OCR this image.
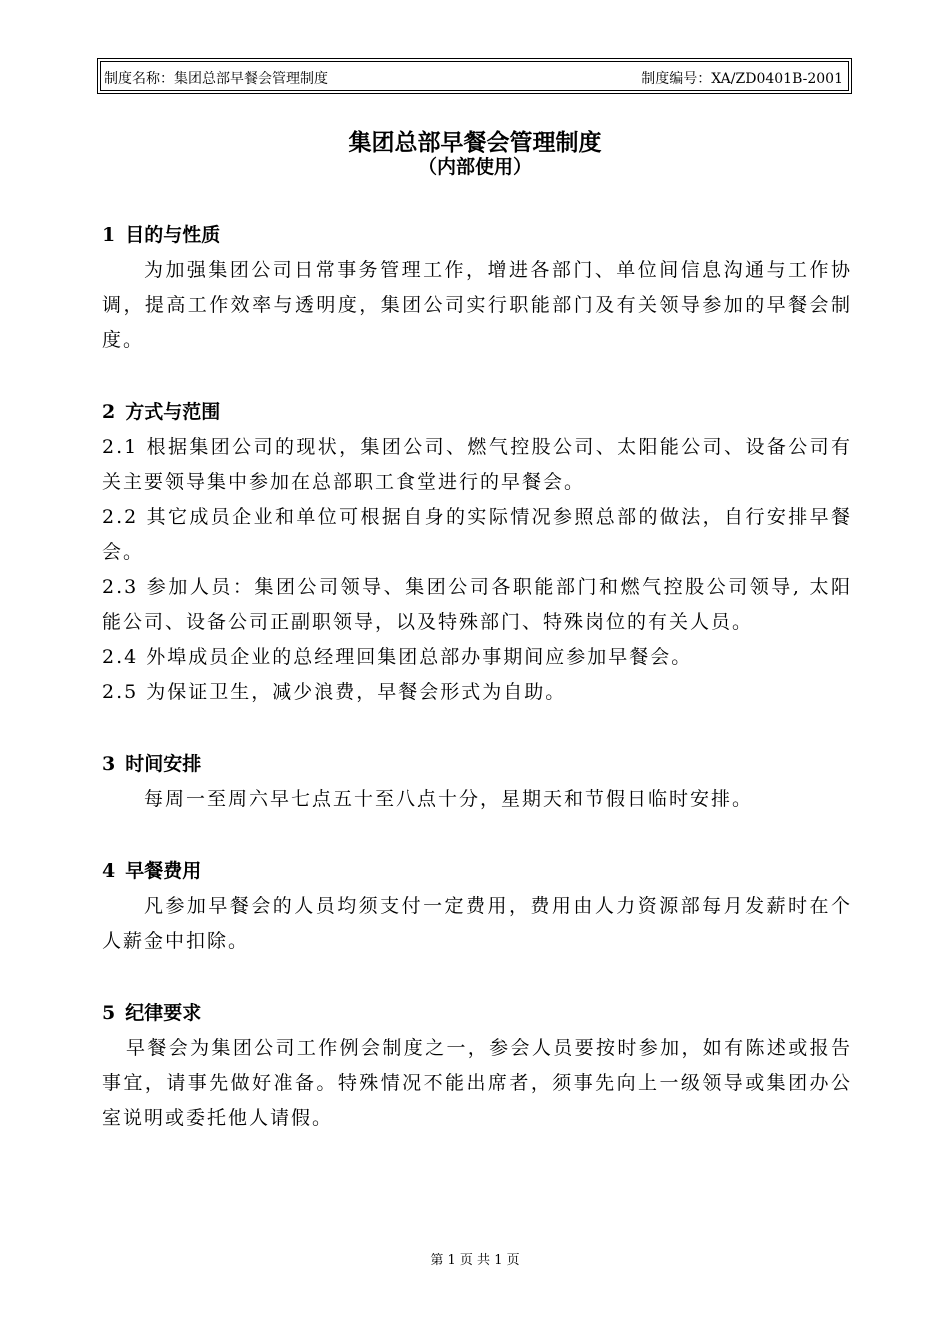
制度名称：集团总部早餐会管理制度	制度编号：XA/ZD0401B-2001
集团总部早餐会管理制度
（内部使用）
1 目的与性质
为加强集团公司日常事务管理工作，增进各部门、单位间信息沟通与工作协调，提高工作效率与透明度，集团公司实行职能部门及有关领导参加的早餐会制度。
2 方式与范围
2.1 根据集团公司的现状，集团公司、燃气控股公司、太阳能公司、设备公司有关主要领导集中参加在总部职工食堂进行的早餐会。
2.2 其它成员企业和单位可根据自身的实际情况参照总部的做法，自行安排早餐会。
2.3 参加人员：集团公司领导、集团公司各职能部门和燃气控股公司领导, 太阳能公司、设备公司正副职领导，以及特殊部门、特殊岗位的有关人员。
2.4 外埠成员企业的总经理回集团总部办事期间应参加早餐会。
2.5 为保证卫生，减少浪费，早餐会形式为自助。
3 时间安排
每周一至周六早七点五十至八点十分，星期天和节假日临时安排。
4 早餐费用
凡参加早餐会的人员均须支付一定费用，费用由人力资源部每月发薪时在个人薪金中扣除。
5 纪律要求
早餐会为集团公司工作例会制度之一，参会人员要按时参加，如有陈述或报告事宜，请事先做好准备。特殊情况不能出席者，须事先向上一级领导或集团办公室说明或委托他人请假。
第 1 页 共 1 页
